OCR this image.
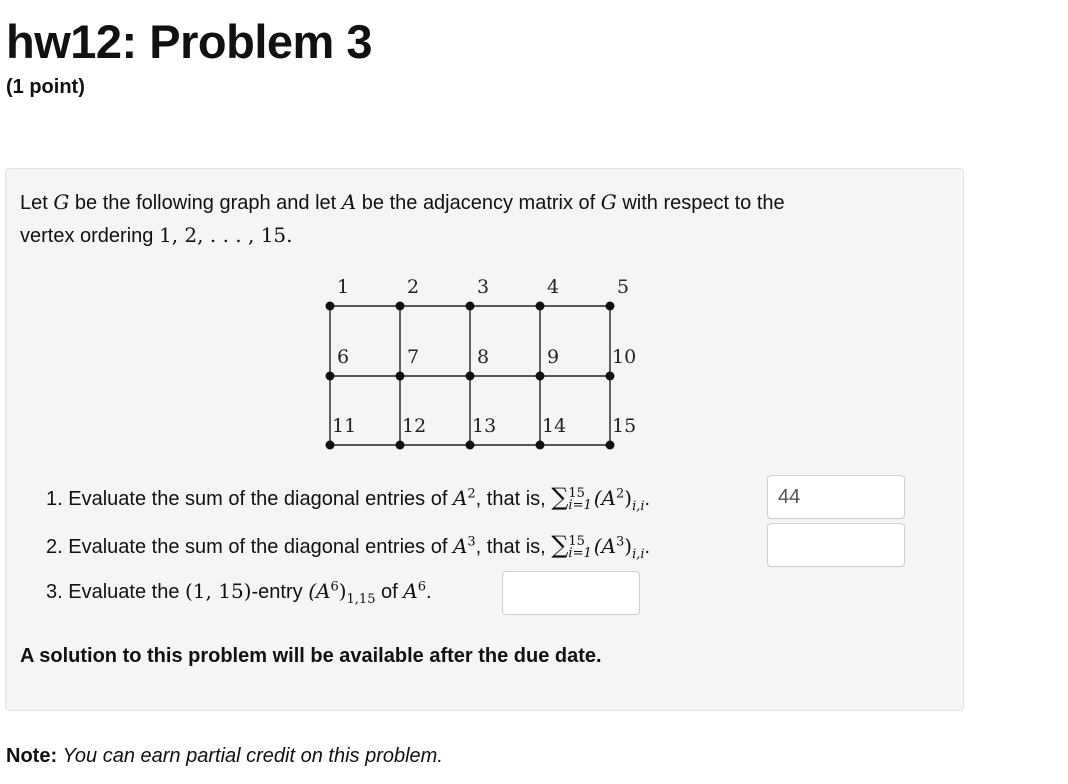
hw12: Problem 3
(1 point)
Let G be the following graph and let A be the adjacency matrix of G with respect to the
vertex ordering 1, 2, . . . , 15.
1	2	3	4	5
6	7	8	9	10
11 12 13 14 15
1. Evaluate the sum of the diagonal entries of $A^2$, that is, ∑ 15
i=1 $(A^2)_{i,i}$.
44
2. Evaluate the sum of the diagonal entries of $A^3$, that is, ∑ 15
i=1 $(A^3)_{i,i}$.
3. Evaluate the (1, 15)-entry $(A^6)_{1,15}$ of $A^6$.
A solution to this problem will be available after the due date.
Note: You can earn partial credit on this problem.
